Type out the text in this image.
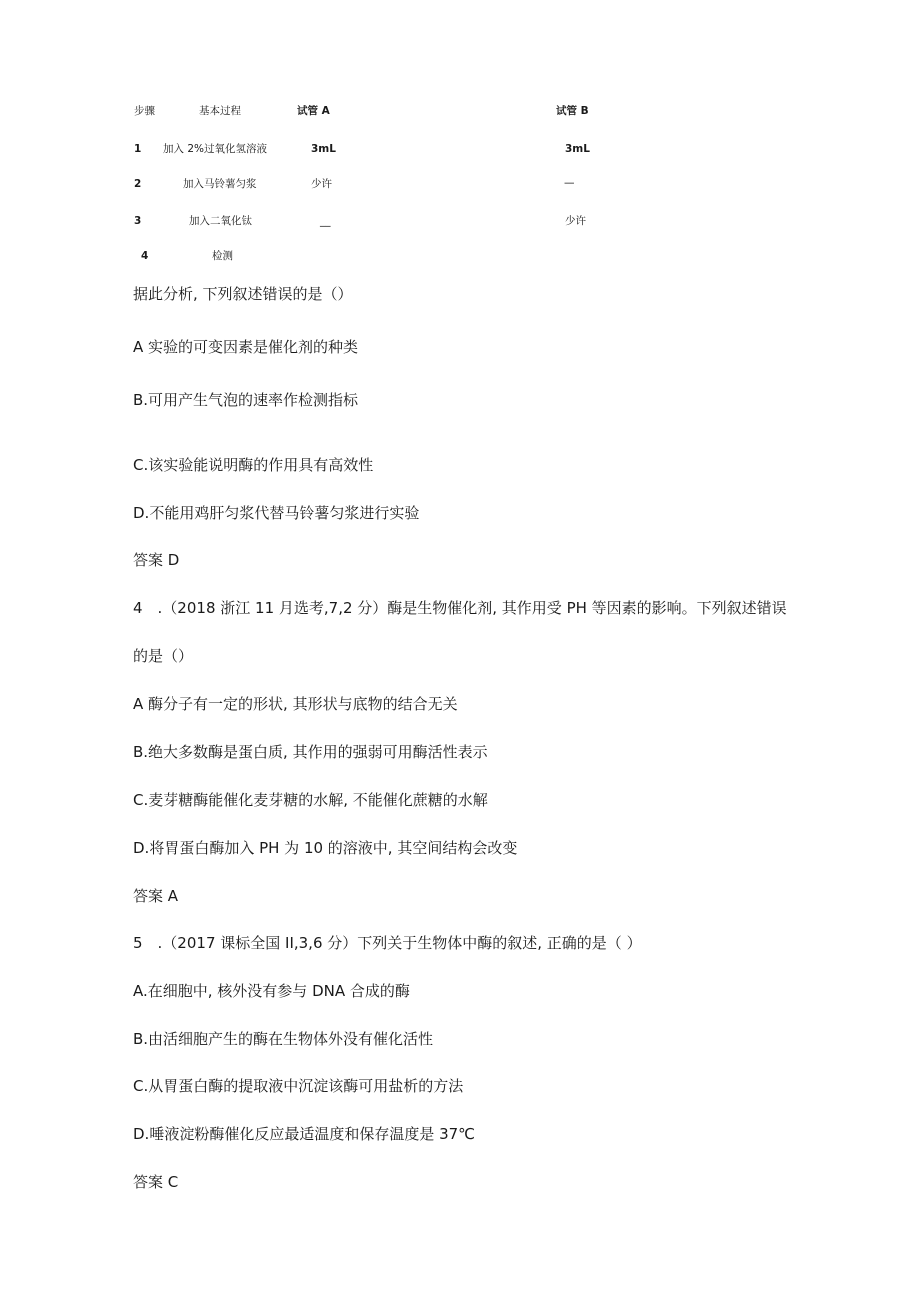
步骤	基本过程	试管 A	试管 B
1 加入 2%过氧化氢溶液	3mL	3mL
2	加入马铃薯匀浆	少许	—
3	加入二氧化钛	__	少许
4	检测
据此分析, 下列叙述错误的是（）
A 实验的可变因素是催化剂的种类
B.可用产生气泡的速率作检测指标
C.该实验能说明酶的作用具有高效性
D.不能用鸡肝匀浆代替马铃薯匀浆进行实验
答案 D
4　.（2018 浙江 11 月选考,7,2 分）酶是生物催化剂, 其作用受 PH 等因素的影响。下列叙述错误
的是（）
A 酶分子有一定的形状, 其形状与底物的结合无关
B.绝大多数酶是蛋白质, 其作用的强弱可用酶活性表示
C.麦芽糖酶能催化麦芽糖的水解, 不能催化蔗糖的水解
D.将胃蛋白酶加入 PH 为 10 的溶液中, 其空间结构会改变
答案 A
5　.（2017 课标全国 II,3,6 分）下列关于生物体中酶的叙述, 正确的是（ ）
A.在细胞中, 核外没有参与 DNA 合成的酶
B.由活细胞产生的酶在生物体外没有催化活性
C.从胃蛋白酶的提取液中沉淀该酶可用盐析的方法
D.唾液淀粉酶催化反应最适温度和保存温度是 37℃
答案 C
